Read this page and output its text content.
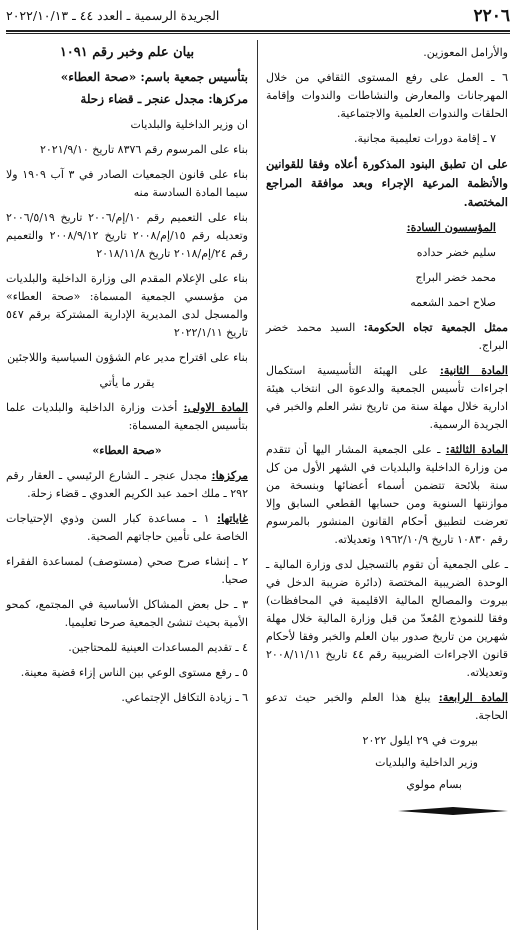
٢٢٠٦
الجريدة الرسمية ـ العدد ٤٤ ـ ٢٠٢٢/١٠/١٣

والأرامل المعوزين.

٦ ـ العمل على رفع المستوى الثقافي من خلال المهرجانات والمعارض والنشاطات والندوات وإقامة الحلقات والندوات العلمية والاجتماعية.

٧ ـ إقامة دورات تعليمية مجانية.

على ان تطبق البنود المذكورة أعلاه وفقا للقوانين والأنظمة المرعية الإجراء وبعد موافقة المراجع المختصة.

المؤسسون السادة:

سليم خضر حداده

محمد خضر البراج

صلاح احمد الشعمه

ممثل الجمعية تجاه الحكومة: السيد محمد خضر البراج.

المادة الثانية: على الهيئة التأسيسية استكمال اجراءات تأسيس الجمعية والدعوة الى انتخاب هيئة ادارية خلال مهلة سنة من تاريخ نشر العلم والخبر في الجريدة الرسمية.

المادة الثالثة: ـ على الجمعية المشار اليها أن تتقدم من وزارة الداخلية والبلديات في الشهر الأول من كل سنة بلائحة تتضمن أسماء أعضائها وبنسخة من موازنتها السنوية ومن حسابها القطعي السابق وإلا تعرضت لتطبيق أحكام القانون المنشور بالمرسوم رقم ١٠٨٣٠ تاريخ ١٩٦٢/١٠/٩ وتعديلاته.

ـ على الجمعية أن تقوم بالتسجيل لدى وزارة المالية ـ الوحدة الضريبية المختصة (دائرة ضريبة الدخل في بيروت والمصالح المالية الاقليمية في المحافظات) وفقا للنموذج المُعدّ من قبل وزارة المالية خلال مهلة شهرين من تاريخ صدور بيان العلم والخبر وفقا لأحكام قانون الاجراءات الضريبية رقم ٤٤ تاريخ ٢٠٠٨/١١/١١ وتعديلاته.

المادة الرابعة: يبلغ هذا العلم والخبر حيث تدعو الحاجة.

بيروت في ٢٩ ايلول ٢٠٢٢
وزير الداخلية والبلديات
بسام مولوي
بيان علم وخبر رقم ١٠٩١
بتأسيس جمعية باسم: «صحة العطاء»
مركزها: مجدل عنجر ـ قضاء زحلة

ان وزير الداخلية والبلديات

بناء على المرسوم رقم ٨٣٧٦ تاريخ ٢٠٢١/٩/١٠

بناء على قانون الجمعيات الصادر في ٣ آب ١٩٠٩ ولا سيما المادة السادسة منه

بناء على التعميم رقم ١٠/إم/٢٠٠٦ تاريخ ٢٠٠٦/٥/١٩ وتعديله رقم ١٥/إم/٢٠٠٨ تاريخ ٢٠٠٨/٩/١٢ والتعميم رقم ٢٤/إم/٢٠١٨ تاريخ ٢٠١٨/١١/٨

بناء على الإعلام المقدم الى وزارة الداخلية والبلديات من مؤسسي الجمعية المسماة: «صحة العطاء» والمسجل لدى المديرية الإدارية المشتركة برقم ٥٤٧ تاريخ ٢٠٢٢/١/١١

بناء على اقتراح مدير عام الشؤون السياسية واللاجئين

يقرر ما يأتي

المادة الاولى: أخذت وزارة الداخلية والبلديات علما بتأسيس الجمعية المسماة:

«صحة العطاء»

مركزها: مجدل عنجر ـ الشارع الرئيسي ـ العقار رقم ٢٩٢ ـ ملك احمد عبد الكريم العدوي ـ قضاء زحلة.

غاياتها: ١ ـ مساعدة كبار السن وذوي الإحتياجات الخاصة على تأمين حاجاتهم الصحية.

٢ ـ إنشاء صرح صحي (مستوصف) لمساعدة الفقراء صحيا.

٣ ـ حل بعض المشاكل الأساسية في المجتمع، كمحو الأمية بحيث تنشئ الجمعية صرحا تعليميا.

٤ ـ تقديم المساعدات العينية للمحتاجين.

٥ ـ رفع مستوى الوعي بين الناس إزاء قضية معينة.

٦ ـ زيادة التكافل الإجتماعي.
